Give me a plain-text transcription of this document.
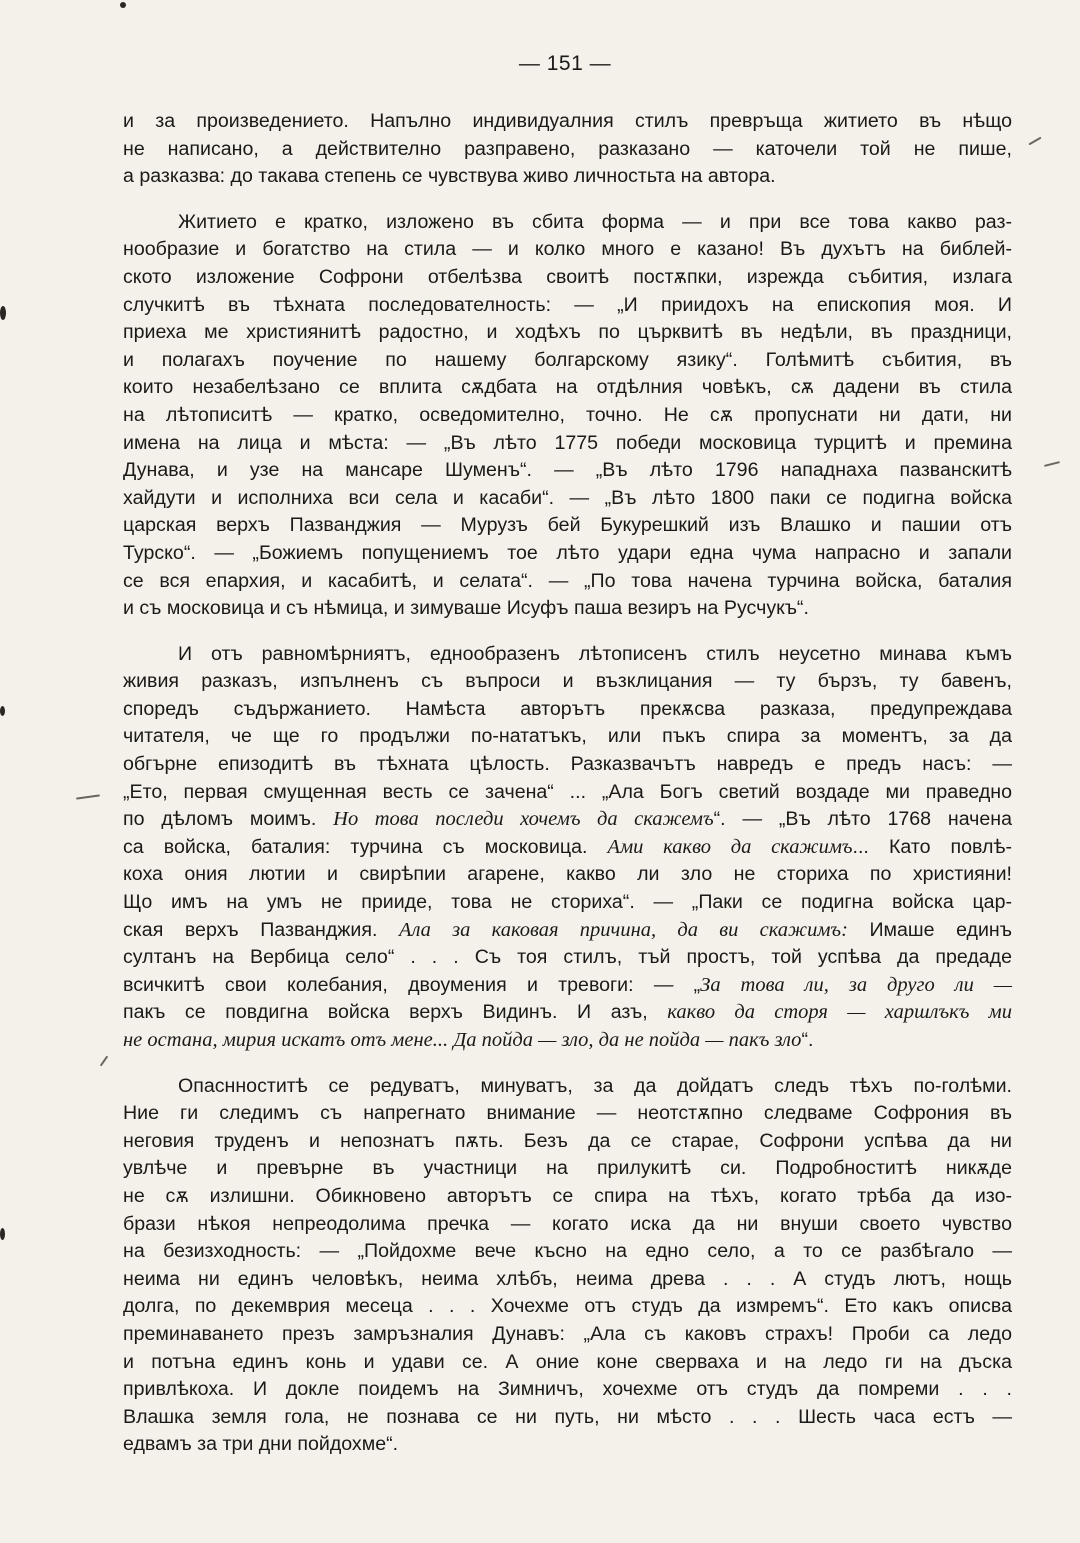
— 151 —
и за произведението. Напълно индивидуалния стилъ превръща житието въ нѣщо
не написано, а действително разправено, разказано — каточели той не пише,
а разказва: до такава степень се чувствува живо личностьта на автора.
Житието е кратко, изложено въ сбита форма — и при все това какво раз-
нообразие и богатство на стила — и колко много е казано! Въ духътъ на библей-
ското изложение Софрони отбелѣзва своитѣ постѫпки, изрежда събития, излага
случкитѣ въ тѣхната последователность: — „И приидохъ на епископия моя. И
приеха ме християнитѣ радостно, и ходѣхъ по църквитѣ въ недѣли, въ праздници,
и полагахъ поучение по нашему болгарскому язику“. Голѣмитѣ събития, въ
които незабелѣзано се вплита сѫдбата на отдѣлния човѣкъ, сѫ дадени въ стила
на лѣтописитѣ — кратко, осведомително, точно. Не сѫ пропуснати ни дати, ни
имена на лица и мѣста: — „Въ лѣто 1775 победи московица турцитѣ и премина
Дунава, и узе на мансаре Шуменъ“. — „Въ лѣто 1796 нападнаха пазванскитѣ
хайдути и исполниха вси села и касаби“. — „Въ лѣто 1800 паки се подигна войска
царская верхъ Пазванджия — Мурузъ бей Букурешкий изъ Влашко и пашии отъ
Турско“. — „Божиемъ попущениемъ тое лѣто удари една чума напрасно и запали
се вся епархия, и касабитѣ, и селата“. — „По това начена турчина войска, баталия
и съ московица и съ нѣмица, и зимуваше Исуфъ паша везиръ на Русчукъ“.
И отъ равномѣрниятъ, еднообразенъ лѣтописенъ стилъ неусетно минава къмъ
живия разказъ, изпълненъ съ въпроси и възклицания — ту бързъ, ту бавенъ,
споредъ съдържанието. Намѣста авторътъ прекѫсва разказа, предупреждава
читателя, че ще го продължи по-нататъкъ, или пъкъ спира за моментъ, за да
обгърне епизодитѣ въ тѣхната цѣлость. Разказвачътъ навредъ е предъ насъ: —
„Ето, первая смущенная весть се зачена“ ... „Ала Богъ светий воздаде ми праведно
по дѣломъ моимъ. Но това последи хочемъ да скажемъ“. — „Въ лѣто 1768 начена
са войска, баталия: турчина съ московица. Ами какво да скажимъ... Като повлѣ-
коха ония лютии и свирѣпии агарене, какво ли зло не сториха по християни!
Що имъ на умъ не прииде, това не сториха“. — „Паки се подигна войска цар-
ская верхъ Пазванджия. Ала за каковая причина, да ви скажимъ: Имаше единъ
султанъ на Вербица село“ . . . Съ тоя стилъ, тъй простъ, той успѣва да предаде
всичкитѣ свои колебания, двоумения и тревоги: — „За това ли, за друго ли —
пакъ се повдигна войска верхъ Видинъ. И азъ, какво да сторя — харшлъкъ ми
не остана, мирия искатъ отъ мене... Да пойда — зло, да не пойда — пакъ зло“.
Опаснноститѣ се редуватъ, минуватъ, за да дойдатъ следъ тѣхъ по-голѣми.
Ние ги следимъ съ напрегнато внимание — неотстѫпно следваме Софрония въ
неговия труденъ и непознатъ пѫть. Безъ да се старае, Софрони успѣва да ни
увлѣче и превърне въ участници на прилукитѣ си. Подробноститѣ никѫде
не сѫ излишни. Обикновено авторътъ се спира на тѣхъ, когато трѣба да изо-
брази нѣкоя непреодолима пречка — когато иска да ни внуши своето чувство
на безизходность: — „Пойдохме вече късно на едно село, а то се разбѣгало —
неима ни единъ человѣкъ, неима хлѣбъ, неима древа . . . А студъ лютъ, нощь
долга, по декемврия месеца . . . Хочехме отъ студъ да измремъ“. Ето какъ описва
преминаването презъ замръзналия Дунавъ: „Ала съ каковъ страхъ! Проби са ледо
и потъна единъ конь и удави се. А оние коне свервахa и на ледо ги на дъска
привлѣкоха. И докле поидемъ на Зимничъ, хочехме отъ студъ да помреми . . .
Влашка земля гола, не познава се ни путь, ни мѣсто . . . Шесть часа естъ —
едвамъ за три дни пойдохме“.
